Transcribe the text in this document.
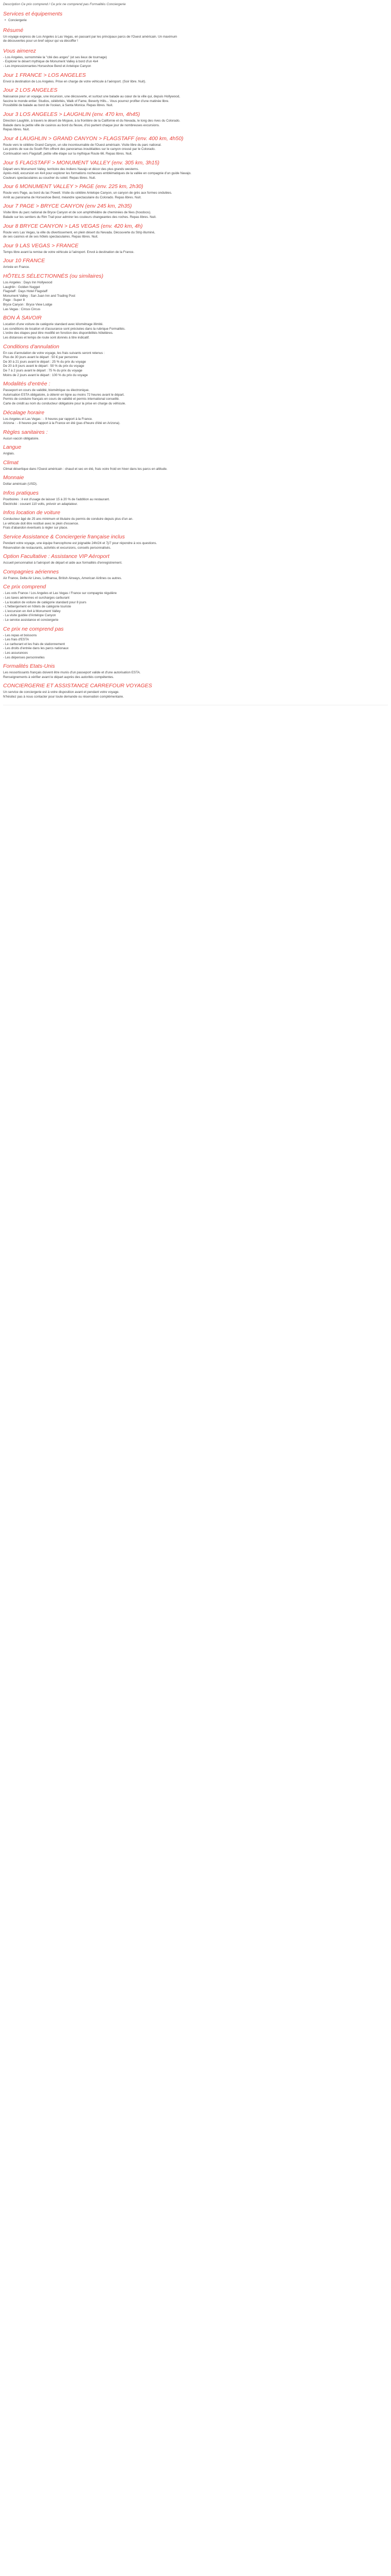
Description Ce prix comprend / Ce prix ne comprend pas Formalités Conciergerie
Services et équipements
• Conciergerie
Résumé
Un voyage express de Los Angeles à Las Vegas, en passant par les principaux parcs de l'Ouest américain. Un maximum
de découvertes pour un bref séjour qui va décoiffer !
Vous aimerez
- Los Angeles, surnommée la "cité des anges" (et ses lieux de tournage)
- Explorer le désert mythique de Monument Valley à bord d'un 4x4
- Les impressionnantes Horseshoe Bend et Antelope Canyon
Jour 1 FRANCE > LOS ANGELES
Envol à destination de Los Angeles. Prise en charge de votre véhicule à l'aéroport. (Soir libre. Nuit).
Jour 2 LOS ANGELES
Naissance pour un voyage, une incursion, une découverte, et surtout une balade au cœur de la ville qui, depuis Hollywood,
fascine le monde entier. Studios, célébrités, Walk of Fame, Beverly Hills... Vous pourrez profiter d'une matinée libre.
Possibilité de balade au bord de l'océan, à Santa Monica. Repas libres. Nuit.
Jour 3 LOS ANGELES > LAUGHLIN (env. 470 km, 4h45)
Direction Laughlin, à travers le désert de Mojave, à la frontière de la Californie et du Nevada, le long des rives du Colorado.
Balade dans la petite ville de casinos au bord du fleuve, d'où partent chaque jour de nombreuses excursions.
Repas libres. Nuit.
Jour 4 LAUGHLIN > GRAND CANYON > FLAGSTAFF (env. 400 km, 4h50)
Route vers le célèbre Grand Canyon, un site incontournable de l'Ouest américain. Visite libre du parc national.
Les points de vue du South Rim offrent des panoramas inoubliables sur le canyon creusé par le Colorado.
Continuation vers Flagstaff, petite ville étape sur la mythique Route 66. Repas libres. Nuit.
Jour 5 FLAGSTAFF > MONUMENT VALLEY (env. 305 km, 3h15)
Départ vers Monument Valley, territoire des Indiens Navajo et décor des plus grands westerns.
Après-midi, excursion en 4x4 pour explorer les formations rocheuses emblématiques de la vallée en compagnie d'un guide Navajo.
Couleurs spectaculaires au coucher du soleil. Repas libres. Nuit.
Jour 6 MONUMENT VALLEY > PAGE (env. 225 km, 2h30)
Route vers Page, au bord du lac Powell. Visite du célèbre Antelope Canyon, un canyon de grès aux formes ondulées.
Arrêt au panorama de Horseshoe Bend, méandre spectaculaire du Colorado. Repas libres. Nuit.
Jour 7 PAGE > BRYCE CANYON (env 245 km, 2h35)
Visite libre du parc national de Bryce Canyon et de son amphithéâtre de cheminées de fées (hoodoos).
Balade sur les sentiers du Rim Trail pour admirer les couleurs changeantes des roches. Repas libres. Nuit.
Jour 8 BRYCE CANYON > LAS VEGAS (env. 420 km, 4h)
Route vers Las Vegas, la ville du divertissement, en plein désert du Nevada. Découverte du Strip illuminé,
de ses casinos et de ses hôtels spectaculaires. Repas libres. Nuit.
Jour 9 LAS VEGAS > FRANCE
Temps libre avant la remise de votre véhicule à l'aéroport. Envol à destination de la France.
Jour 10 FRANCE
Arrivée en France.
HÔTELS SÉLECTIONNÉS (ou similaires)
Los Angeles : Days Inn Hollywood
Laughlin : Golden Nugget
Flagstaff : Days Hotel Flagstaff
Monument Valley : San Juan Inn and Trading Post
Page : Super 8
Bryce Canyon : Bryce View Lodge
Las Vegas : Circus Circus
BON À SAVOIR
Location d'une voiture de catégorie standard avec kilométrage illimité.
Les conditions de location et d'assurance sont précisées dans la rubrique Formalités.
L'ordre des étapes peut être modifié en fonction des disponibilités hôtelières.
Les distances et temps de route sont donnés à titre indicatif.
Conditions d'annulation
En cas d'annulation de votre voyage, les frais suivants seront retenus :
Plus de 30 jours avant le départ : 50 € par personne
De 30 à 21 jours avant le départ : 25 % du prix du voyage
De 20 à 8 jours avant le départ : 50 % du prix du voyage
De 7 à 2 jours avant le départ : 75 % du prix du voyage
Moins de 2 jours avant le départ : 100 % du prix du voyage
Modalités d'entrée :
Passeport en cours de validité, biométrique ou électronique.
Autorisation ESTA obligatoire, à obtenir en ligne au moins 72 heures avant le départ.
Permis de conduire français en cours de validité et permis international conseillé.
Carte de crédit au nom du conducteur obligatoire pour la prise en charge du véhicule.
Décalage horaire
Los Angeles et Las Vegas : - 9 heures par rapport à la France.
Arizona : - 8 heures par rapport à la France en été (pas d'heure d'été en Arizona).
Règles sanitaires :
Aucun vaccin obligatoire.
Langue
Anglais.
Climat
Climat désertique dans l'Ouest américain : chaud et sec en été, frais voire froid en hiver dans les parcs en altitude.
Monnaie
Dollar américain (USD).
Infos pratiques
Pourboires : il est d'usage de laisser 15 à 20 % de l'addition au restaurant.
Électricité : courant 110 volts, prévoir un adaptateur.
Infos location de voiture
Conducteur âgé de 25 ans minimum et titulaire du permis de conduire depuis plus d'un an.
Le véhicule doit être restitué avec le plein d'essence.
Frais d'abandon éventuels à régler sur place.
Service Assistance & Conciergerie française inclus
Pendant votre voyage, une équipe francophone est joignable 24h/24 et 7j/7 pour répondre à vos questions.
Réservation de restaurants, activités et excursions, conseils personnalisés.
Option Facultative : Assistance VIP Aéroport
Accueil personnalisé à l'aéroport de départ et aide aux formalités d'enregistrement.
Compagnies aériennes
Air France, Delta Air Lines, Lufthansa, British Airways, American Airlines ou autres.
Ce prix comprend
- Les vols France / Los Angeles et Las Vegas / France sur compagnie régulière
- Les taxes aériennes et surcharges carburant
- La location de voiture de catégorie standard pour 8 jours
- L'hébergement en hôtels de catégorie touriste
- L'excursion en 4x4 à Monument Valley
- La visite guidée d'Antelope Canyon
- Le service assistance et conciergerie
Ce prix ne comprend pas
- Les repas et boissons
- Les frais d'ESTA
- Le carburant et les frais de stationnement
- Les droits d'entrée dans les parcs nationaux
- Les assurances
- Les dépenses personnelles
Formalités Etats-Unis
Les ressortissants français doivent être munis d'un passeport valide et d'une autorisation ESTA.
Renseignements à vérifier avant le départ auprès des autorités compétentes.
CONCIERGERIE ET ASSISTANCE CARREFOUR VOYAGES
Un service de conciergerie est à votre disposition avant et pendant votre voyage.
N'hésitez pas à nous contacter pour toute demande ou réservation complémentaire.
